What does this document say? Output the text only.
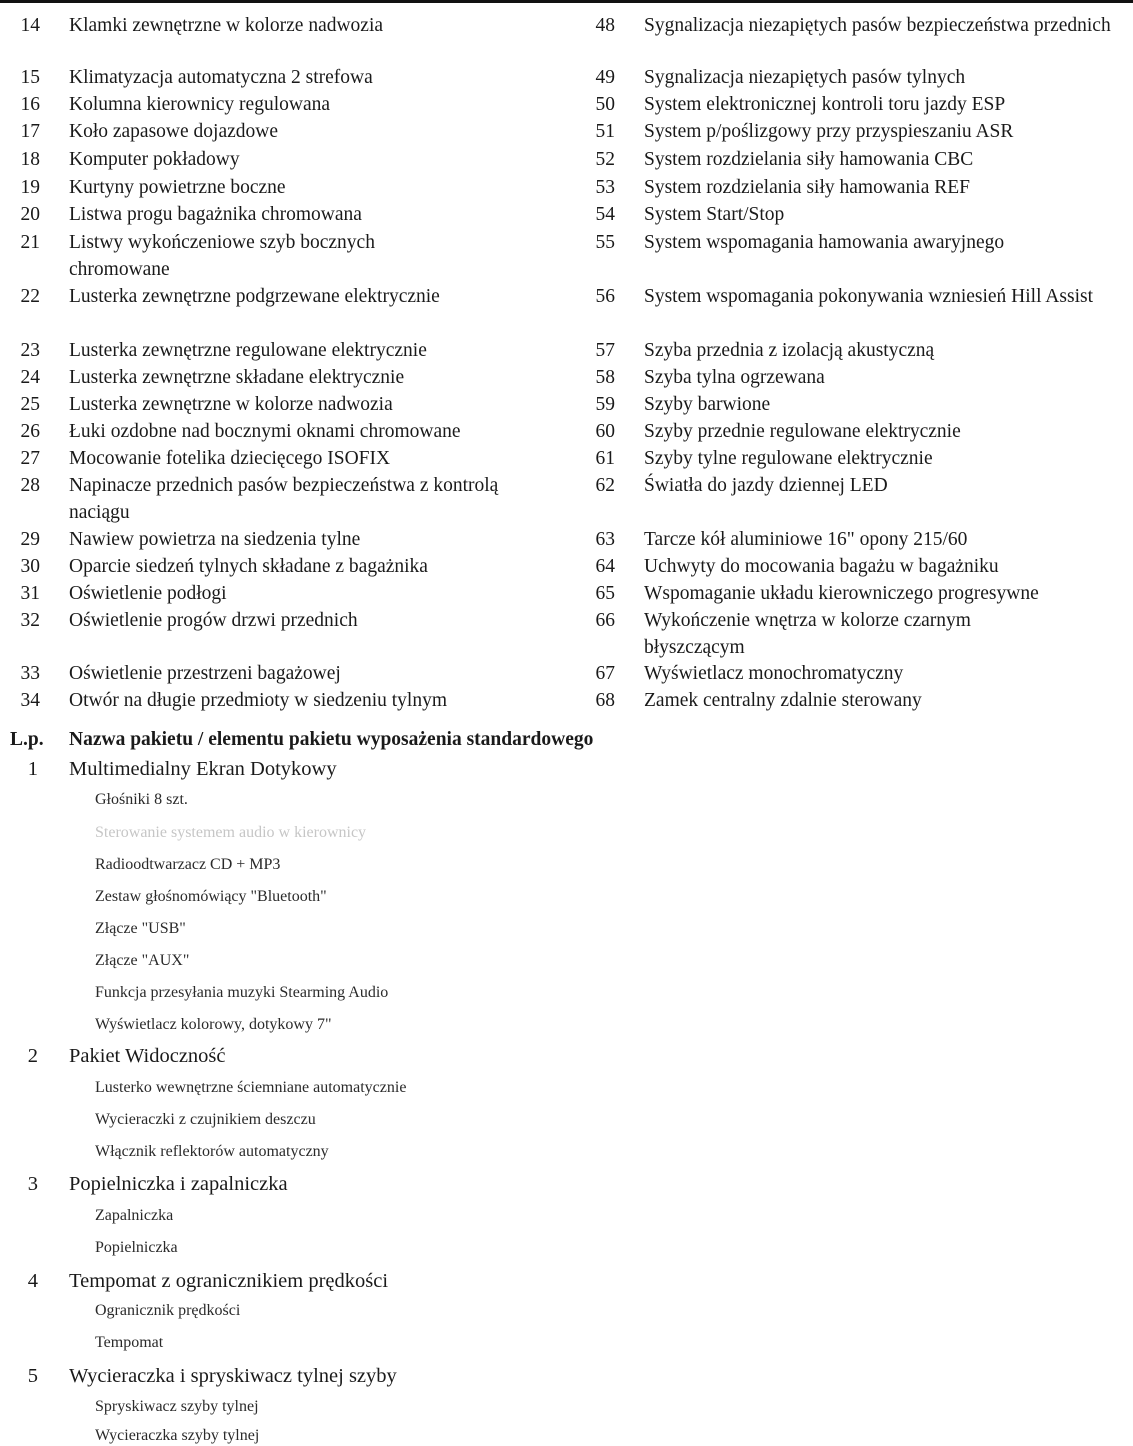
14 Klamki zewnętrzne w kolorze nadwozia
15 Klimatyzacja automatyczna 2 strefowa
16 Kolumna kierownicy regulowana
17 Koło zapasowe dojazdowe
18 Komputer pokładowy
19 Kurtyny powietrzne boczne
20 Listwa progu bagażnika chromowana
21 Listwy wykończeniowe szyb bocznych chromowane
22 Lusterka zewnętrzne podgrzewane elektrycznie
23 Lusterka zewnętrzne regulowane elektrycznie
24 Lusterka zewnętrzne składane elektrycznie
25 Lusterka zewnętrzne w kolorze nadwozia
26 Łuki ozdobne nad bocznymi oknami chromowane
27 Mocowanie fotelika dziecięcego ISOFIX
28 Napinacze przednich pasów bezpieczeństwa z kontrolą naciągu
29 Nawiew powietrza na siedzenia tylne
30 Oparcie siedzeń tylnych składane z bagażnika
31 Oświetlenie podłogi
32 Oświetlenie progów drzwi przednich
33 Oświetlenie przestrzeni bagażowej
34 Otwór na długie przedmioty w siedzeniu tylnym
48 Sygnalizacja niezapiętych pasów bezpieczeństwa przednich
49 Sygnalizacja niezapiętych pasów tylnych
50 System elektronicznej kontroli toru jazdy ESP
51 System p/poślizgowy przy przyspieszaniu ASR
52 System rozdzielania siły hamowania CBC
53 System rozdzielania siły hamowania REF
54 System Start/Stop
55 System wspomagania hamowania awaryjnego
56 System wspomagania pokonywania wzniesień Hill Assist
57 Szyba przednia z izolacją akustyczną
58 Szyba tylna ogrzewana
59 Szyby barwione
60 Szyby przednie regulowane elektrycznie
61 Szyby tylne regulowane elektrycznie
62 Światła do jazdy dziennej LED
63 Tarcze kół aluminiowe 16" opony 215/60
64 Uchwyty do mocowania bagażu w bagażniku
65 Wspomaganie układu kierowniczego progresywne
66 Wykończenie wnętrza w kolorze czarnym błyszczącym
67 Wyświetlacz monochromatyczny
68 Zamek centralny zdalnie sterowany
L.p. Nazwa pakietu / elementu pakietu wyposażenia standardowego
1 Multimedialny Ekran Dotykowy
Głośniki 8 szt.
Sterowanie systemem audio w kierownicy
Radioodtwarzacz CD + MP3
Zestaw głośnomówiący "Bluetooth"
Złącze "USB"
Złącze "AUX"
Funkcja przesyłania muzyki Stearming Audio
Wyświetlacz kolorowy, dotykowy 7"
2 Pakiet Widoczność
Lusterko wewnętrzne ściemniane automatycznie
Wycieraczki z czujnikiem deszczu
Włącznik reflektorów automatyczny
3 Popielniczka i zapalniczka
Zapalniczka
Popielniczka
4 Tempomat z ogranicznikiem prędkości
Ogranicznik prędkości
Tempomat
5 Wycieraczka i spryskiwacz tylnej szyby
Spryskiwacz szyby tylnej
Wycieraczka szyby tylnej
